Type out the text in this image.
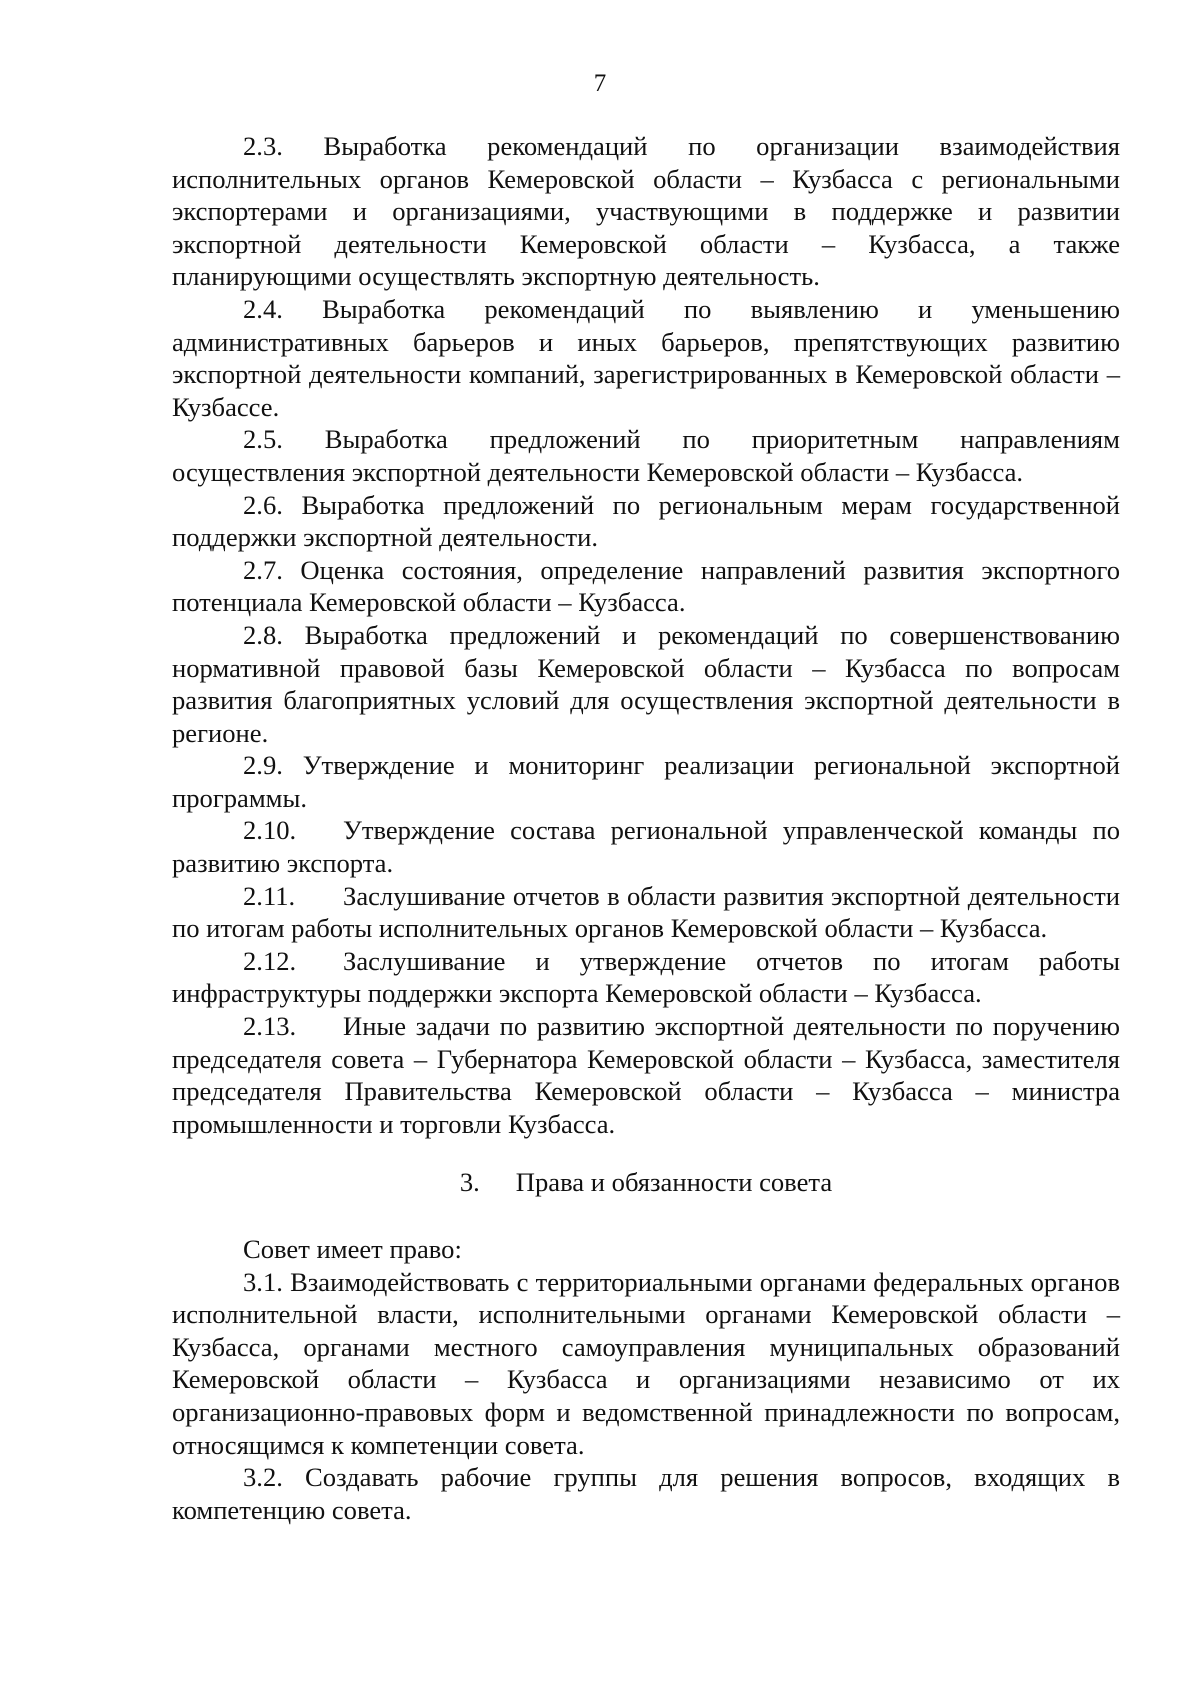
7

2.3. Выработка рекомендаций по организации взаимодействия исполнительных органов Кемеровской области – Кузбасса с региональными экспортерами и организациями, участвующими в поддержке и развитии экспортной деятельности Кемеровской области – Кузбасса, а также планирующими осуществлять экспортную деятельность.

2.4. Выработка рекомендаций по выявлению и уменьшению административных барьеров и иных барьеров, препятствующих развитию экспортной деятельности компаний, зарегистрированных в Кемеровской области – Кузбассе.

2.5. Выработка предложений по приоритетным направлениям осуществления экспортной деятельности Кемеровской области – Кузбасса.

2.6. Выработка предложений по региональным мерам государственной поддержки экспортной деятельности.

2.7. Оценка состояния, определение направлений развития экспортного потенциала Кемеровской области – Кузбасса.

2.8. Выработка предложений и рекомендаций по совершенствованию нормативной правовой базы Кемеровской области – Кузбасса по вопросам развития благоприятных условий для осуществления экспортной деятельности в регионе.

2.9. Утверждение и мониторинг реализации региональной экспортной программы.

2.10. Утверждение состава региональной управленческой команды по развитию экспорта.

2.11. Заслушивание отчетов в области развития экспортной деятельности по итогам работы исполнительных органов Кемеровской области – Кузбасса.

2.12. Заслушивание и утверждение отчетов по итогам работы инфраструктуры поддержки экспорта Кемеровской области – Кузбасса.

2.13. Иные задачи по развитию экспортной деятельности по поручению председателя совета – Губернатора Кемеровской области – Кузбасса, заместителя председателя Правительства Кемеровской области – Кузбасса – министра промышленности и торговли Кузбасса.

3. Права и обязанности совета

Совет имеет право:

3.1. Взаимодействовать с территориальными органами федеральных органов исполнительной власти, исполнительными органами Кемеровской области – Кузбасса, органами местного самоуправления муниципальных образований Кемеровской области – Кузбасса и организациями независимо от их организационно-правовых форм и ведомственной принадлежности по вопросам, относящимся к компетенции совета.

3.2. Создавать рабочие группы для решения вопросов, входящих в компетенцию совета.
